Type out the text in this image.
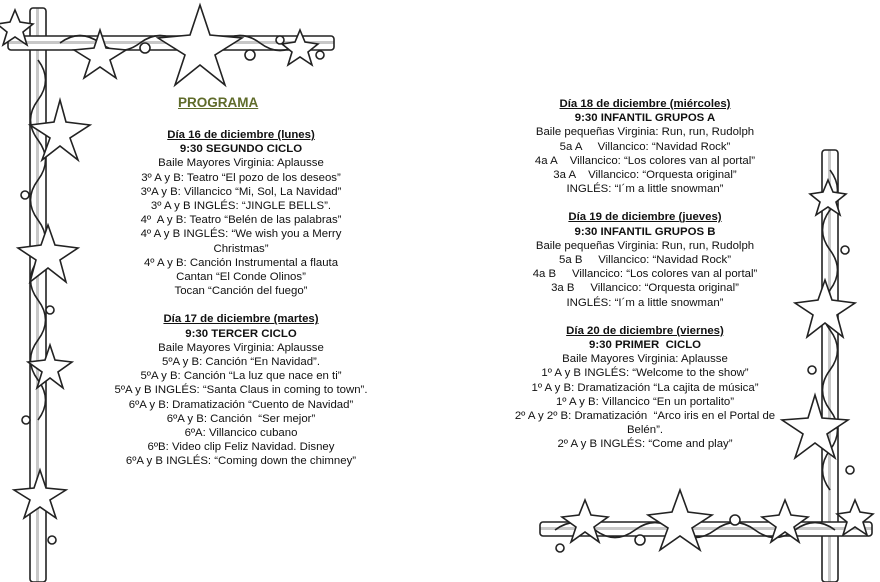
PROGRAMA
Día 16 de diciembre (lunes)
9:30 SEGUNDO CICLO
Baile Mayores Virginia: Aplausse
3º A y B: Teatro “El pozo de los deseos”
3ºA y B: Villancico “Mi, Sol, La Navidad”
3º A y B INGLÉS: “JINGLE BELLS”.
4º  A y B: Teatro “Belén de las palabras”
4º A y B INGLÉS: “We wish you a Merry
Christmas”
4º A y B: Canción Instrumental a flauta
Cantan “El Conde Olinos”
Tocan “Canción del fuego”
Día 17 de diciembre (martes)
9:30 TERCER CICLO
Baile Mayores Virginia: Aplausse
5ºA y B: Canción “En Navidad”.
5ºA y B: Canción “La luz que nace en ti”
5ºA y B INGLÉS: “Santa Claus in coming to town”.
6ºA y B: Dramatización “Cuento de Navidad”
6ºA y B: Canción  “Ser mejor”
6ºA: Villancico cubano
6ºB: Video clip Feliz Navidad. Disney
6ºA y B INGLÉS: “Coming down the chimney”
Día 18 de diciembre (miércoles)
9:30 INFANTIL GRUPOS A
Baile pequeñas Virginia: Run, run, Rudolph
5a A     Villancico: “Navidad Rock”
4a A    Villancico: “Los colores van al portal”
3a A    Villancico: “Orquesta original”
INGLÉS: “I´m a little snowman”
Día 19 de diciembre (jueves)
9:30 INFANTIL GRUPOS B
Baile pequeñas Virginia: Run, run, Rudolph
5a B     Villancico: “Navidad Rock”
4a B     Villancico: “Los colores van al portal”
3a B     Villancico: “Orquesta original”
INGLÉS: “I´m a little snowman”
Día 20 de diciembre (viernes)
9:30 PRIMER  CICLO
Baile Mayores Virginia: Aplausse
1º A y B INGLÉS: “Welcome to the show”
1º A y B: Dramatización “La cajita de música”
1º A y B: Villancico “En un portalito”
2º A y 2º B: Dramatización  “Arco iris en el Portal de
Belén”.
2º A y B INGLÉS: “Come and play”
